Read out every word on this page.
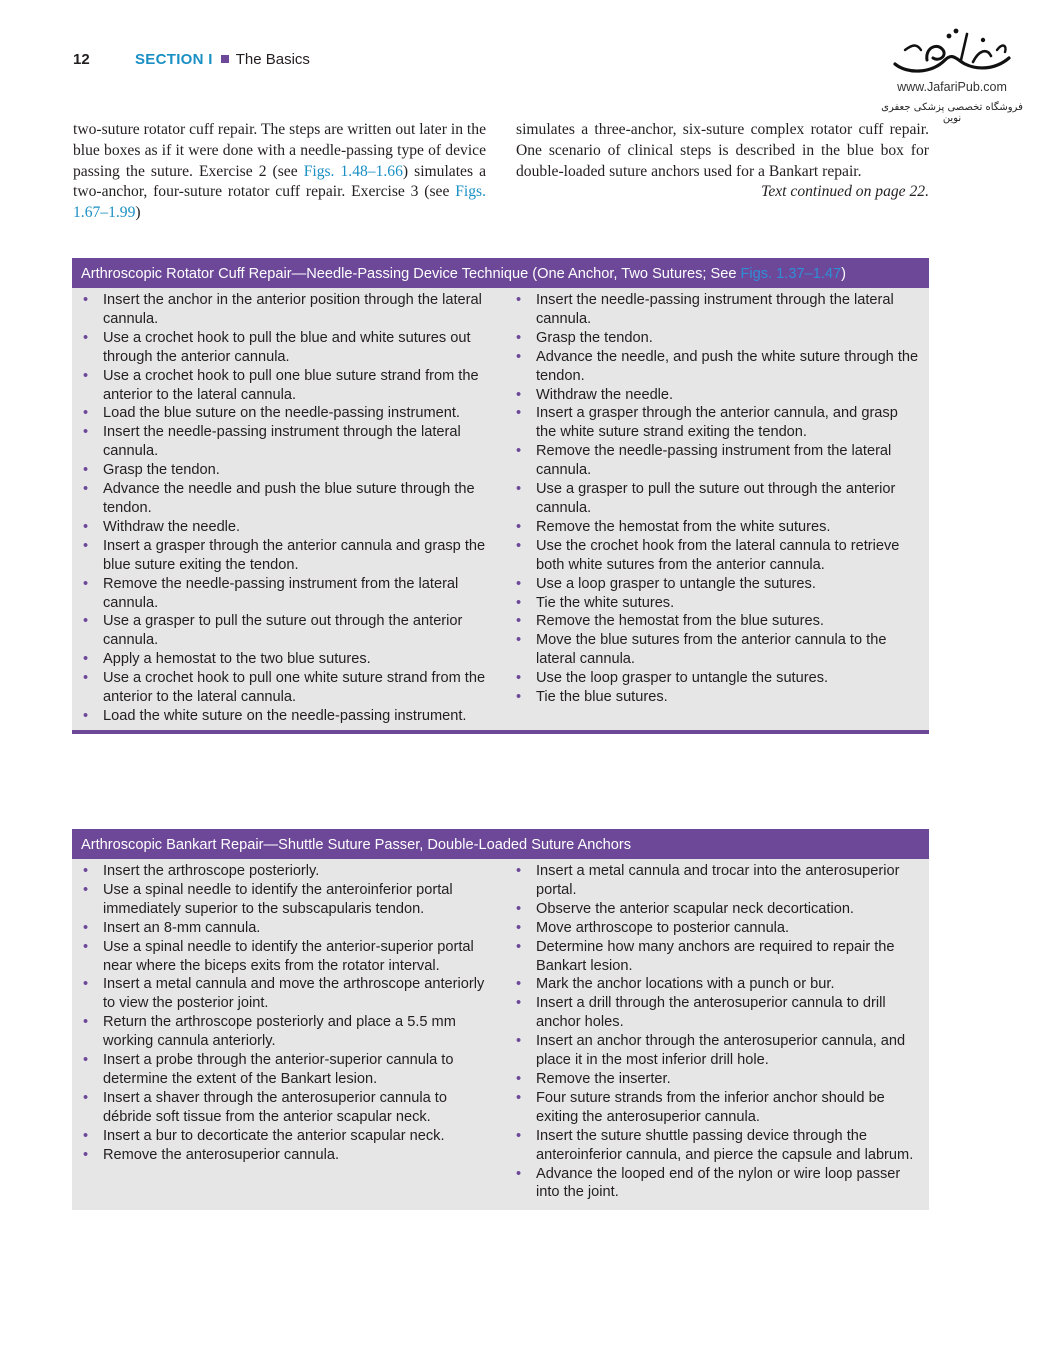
12	SECTION I The Basics
www.JafariPub.com
فروشگاه تخصصی پزشکی جعفری نوین
two-suture rotator cuff repair. The steps are written out later in the blue boxes as if it were done with a needle-passing type of device passing the suture. Exercise 2 (see Figs. 1.48–1.66) simulates a two-anchor, four-suture rotator cuff repair. Exercise 3 (see Figs. 1.67–1.99)
simulates a three-anchor, six-suture complex rotator cuff repair. One scenario of clinical steps is described in the blue box for double-loaded suture anchors used for a Bankart repair.
Text continued on page 22.
Arthroscopic Rotator Cuff Repair—Needle-Passing Device Technique (One Anchor, Two Sutures; See Figs. 1.37–1.47)
• Insert the anchor in the anterior position through the lateral cannula.
• Use a crochet hook to pull the blue and white sutures out through the anterior cannula.
• Use a crochet hook to pull one blue suture strand from the anterior to the lateral cannula.
• Load the blue suture on the needle-passing instrument.
• Insert the needle-passing instrument through the lateral cannula.
• Grasp the tendon.
• Advance the needle and push the blue suture through the tendon.
• Withdraw the needle.
• Insert a grasper through the anterior cannula and grasp the blue suture exiting the tendon.
• Remove the needle-passing instrument from the lateral cannula.
• Use a grasper to pull the suture out through the anterior cannula.
• Apply a hemostat to the two blue sutures.
• Use a crochet hook to pull one white suture strand from the anterior to the lateral cannula.
• Load the white suture on the needle-passing instrument.
• Insert the needle-passing instrument through the lateral cannula.
• Grasp the tendon.
• Advance the needle, and push the white suture through the tendon.
• Withdraw the needle.
• Insert a grasper through the anterior cannula, and grasp the white suture strand exiting the tendon.
• Remove the needle-passing instrument from the lateral cannula.
• Use a grasper to pull the suture out through the anterior cannula.
• Remove the hemostat from the white sutures.
• Use the crochet hook from the lateral cannula to retrieve both white sutures from the anterior cannula.
• Use a loop grasper to untangle the sutures.
• Tie the white sutures.
• Remove the hemostat from the blue sutures.
• Move the blue sutures from the anterior cannula to the lateral cannula.
• Use the loop grasper to untangle the sutures.
• Tie the blue sutures.
Arthroscopic Bankart Repair—Shuttle Suture Passer, Double-Loaded Suture Anchors
• Insert the arthroscope posteriorly.
• Use a spinal needle to identify the anteroinferior portal immediately superior to the subscapularis tendon.
• Insert an 8-mm cannula.
• Use a spinal needle to identify the anterior-superior portal near where the biceps exits from the rotator interval.
• Insert a metal cannula and move the arthroscope anteriorly to view the posterior joint.
• Return the arthroscope posteriorly and place a 5.5 mm working cannula anteriorly.
• Insert a probe through the anterior-superior cannula to determine the extent of the Bankart lesion.
• Insert a shaver through the anterosuperior cannula to débride soft tissue from the anterior scapular neck.
• Insert a bur to decorticate the anterior scapular neck.
• Remove the anterosuperior cannula.
• Insert a metal cannula and trocar into the anterosuperior portal.
• Observe the anterior scapular neck decortication.
• Move arthroscope to posterior cannula.
• Determine how many anchors are required to repair the Bankart lesion.
• Mark the anchor locations with a punch or bur.
• Insert a drill through the anterosuperior cannula to drill anchor holes.
• Insert an anchor through the anterosuperior cannula, and place it in the most inferior drill hole.
• Remove the inserter.
• Four suture strands from the inferior anchor should be exiting the anterosuperior cannula.
• Insert the suture shuttle passing device through the anteroinferior cannula, and pierce the capsule and labrum.
• Advance the looped end of the nylon or wire loop passer into the joint.
